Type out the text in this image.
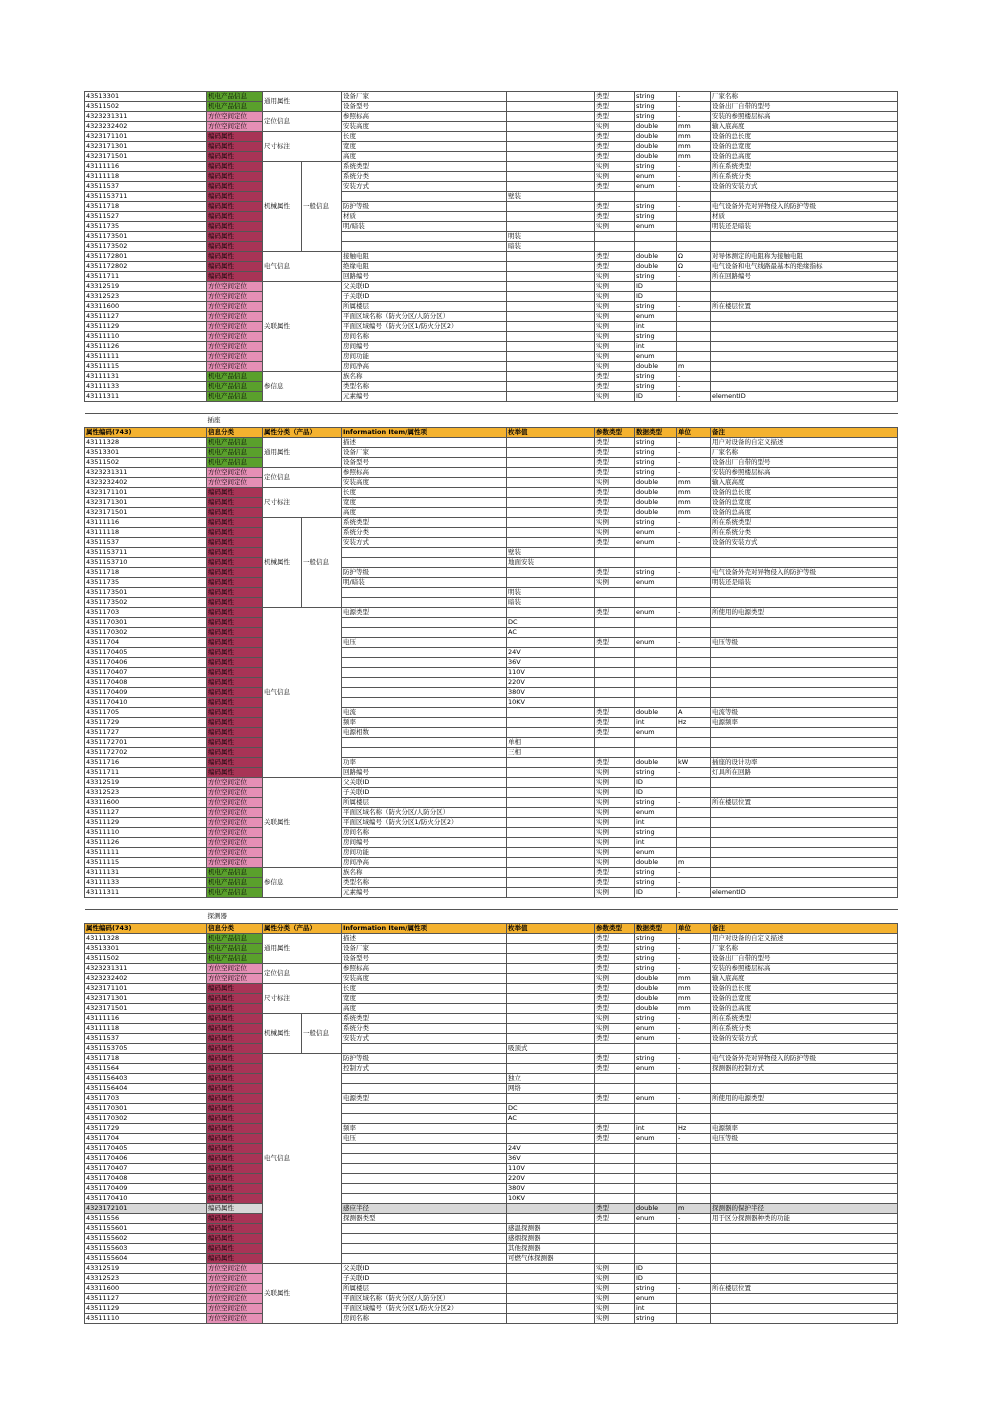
43513301	机电产品信息	通用属性		设备厂家		类型	string	-	厂家名称
43511502	机电产品信息			设备型号		类型	string	-	设备出厂自带的型号
4323231311	方位空间定位	定位信息		参照标高		类型	string	-	安装的参照楼层标高
4323232402	方位空间定位			安装高度		实例	double	mm	输入底高度
4323171101	编码属性	尺寸标注		长度		类型	double	mm	设备的总长度
4323171301	编码属性			宽度		类型	double	mm	设备的总宽度
4323171501	编码属性			高度		类型	double	mm	设备的总高度
43111116	编码属性	机械属性	一般信息	系统类型		实例	string	-	所在系统类型
43111118	编码属性			系统分类		实例	enum	-	所在系统分类
43511537	编码属性			安装方式		类型	enum	-	设备的安装方式
4351153711	编码属性				壁装				
43511718	编码属性			防护等级		类型	string	-	电气设备外壳对异物侵入的防护等级
43511527	编码属性			材质		类型	string		材质
43511735	编码属性			明/暗装		实例	enum		明装还是暗装
4351173501	编码属性				明装				
4351173502	编码属性				暗装				
4351172801	编码属性	电气信息		接触电阻		类型	double	Ω	对导体测定的电阻称为接触电阻
4351172802	编码属性			绝缘电阻		类型	double	Ω	电气设备和电气线路最基本的绝缘指标
43511711	编码属性			回路编号		实例	string	-	所在回路编号
43312519	方位空间定位	关联属性		父关联ID		实例	ID		
43312523	方位空间定位			子关联ID		实例	ID		
43311600	方位空间定位			所属楼层		实例	string	-	所在楼层位置
43511127	方位空间定位			平面区域名称（防火分区/人防分区）		实例	enum		
43511129	方位空间定位			平面区域编号（防火分区1/防火分区2）		实例	int		
43511110	方位空间定位			房间名称		实例	string		
43511126	方位空间定位			房间编号		实例	int		
43511111	方位空间定位			房间功能		实例	enum		
43511115	方位空间定位			房间净高		实例	double	m	
43111131	机电产品信息	参信息		族名称		类型	string	-	
43111133	机电产品信息			类型名称		类型	string	-	
43111311	机电产品信息			元素编号		实例	ID	-	elementID

	插座								
属性编码(743)	信息分类	属性分类（产品）		Information Item/属性项	枚举值	参数类型	数据类型	单位	备注
43111328	机电产品信息	通用属性		描述		类型	string	-	用户对设备的自定义描述
43513301	机电产品信息			设备厂家		类型	string	-	厂家名称
43511502	机电产品信息			设备型号		类型	string	-	设备出厂自带的型号
4323231311	方位空间定位	定位信息		参照标高		类型	string	-	安装的参照楼层标高
4323232402	方位空间定位			安装高度		实例	double	mm	输入底高度
4323171101	编码属性	尺寸标注		长度		类型	double	mm	设备的总长度
4323171301	编码属性			宽度		类型	double	mm	设备的总宽度
4323171501	编码属性			高度		类型	double	mm	设备的总高度
43111116	编码属性	机械属性	一般信息	系统类型		实例	string	-	所在系统类型
43111118	编码属性			系统分类		实例	enum	-	所在系统分类
43511537	编码属性			安装方式		类型	enum	-	设备的安装方式
4351153711	编码属性				壁装				
4351153710	编码属性				地面安装				
43511718	编码属性			防护等级		类型	string	-	电气设备外壳对异物侵入的防护等级
43511735	编码属性			明/暗装		实例	enum		明装还是暗装
4351173501	编码属性				明装				
4351173502	编码属性				暗装				
43511703	编码属性	电气信息		电源类型		类型	enum	-	所使用的电源类型
4351170301	编码属性				DC				
4351170302	编码属性				AC				
43511704	编码属性			电压		类型	enum	-	电压等级
4351170405	编码属性				24V				
4351170406	编码属性				36V				
4351170407	编码属性				110V				
4351170408	编码属性				220V				
4351170409	编码属性				380V				
4351170410	编码属性				10KV				
43511705	编码属性			电流		类型	double	A	电流等级
43511729	编码属性			频率		类型	int	Hz	电源频率
43511727	编码属性			电源相数		类型	enum		
4351172701	编码属性				单相				
4351172702	编码属性				三相				
43511716	编码属性			功率		类型	double	kW	插座的设计功率
43511711	编码属性			回路编号		实例	string	-	灯具所在回路
43312519	方位空间定位	关联属性		父关联ID		实例	ID		
43312523	方位空间定位			子关联ID		实例	ID		
43311600	方位空间定位			所属楼层		实例	string	-	所在楼层位置
43511127	方位空间定位			平面区域名称（防火分区/人防分区）		实例	enum		
43511129	方位空间定位			平面区域编号（防火分区1/防火分区2）		实例	int		
43511110	方位空间定位			房间名称		实例	string		
43511126	方位空间定位			房间编号		实例	int		
43511111	方位空间定位			房间功能		实例	enum		
43511115	方位空间定位			房间净高		实例	double	m	
43111131	机电产品信息	参信息		族名称		类型	string	-	
43111133	机电产品信息			类型名称		类型	string	-	
43111311	机电产品信息			元素编号		实例	ID	-	elementID

	探测器								
属性编码(743)	信息分类	属性分类（产品）		Information Item/属性项	枚举值	参数类型	数据类型	单位	备注
43111328	机电产品信息	通用属性		描述		类型	string	-	用户对设备的自定义描述
43513301	机电产品信息			设备厂家		类型	string	-	厂家名称
43511502	机电产品信息			设备型号		类型	string	-	设备出厂自带的型号
4323231311	方位空间定位	定位信息		参照标高		类型	string	-	安装的参照楼层标高
4323232402	方位空间定位			安装高度		实例	double	mm	输入底高度
4323171101	编码属性	尺寸标注		长度		类型	double	mm	设备的总长度
4323171301	编码属性			宽度		类型	double	mm	设备的总宽度
4323171501	编码属性			高度		类型	double	mm	设备的总高度
43111116	编码属性	机械属性	一般信息	系统类型		实例	string	-	所在系统类型
43111118	编码属性			系统分类		实例	enum	-	所在系统分类
43511537	编码属性			安装方式		类型	enum	-	设备的安装方式
4351153705	编码属性				吸顶式				
43511718	编码属性	电气信息		防护等级		类型	string	-	电气设备外壳对异物侵入的防护等级
43511564	编码属性			控制方式		类型	enum	-	探测器的控制方式
4351156403	编码属性				独立				
4351156404	编码属性				网络				
43511703	编码属性			电源类型		类型	enum	-	所使用的电源类型
4351170301	编码属性				DC				
4351170302	编码属性				AC				
43511729	编码属性			频率		类型	int	Hz	电源频率
43511704	编码属性			电压		类型	enum	-	电压等级
4351170405	编码属性				24V				
4351170406	编码属性				36V				
4351170407	编码属性				110V				
4351170408	编码属性				220V				
4351170409	编码属性				380V				
4351170410	编码属性				10KV				
4323172101	编码属性			感应半径		类型	double	m	探测器的保护半径
43511556	编码属性			探测器类型		类型	enum	-	用于区分探测器种类的功能
4351155601	编码属性				感温探测器				
4351155602	编码属性				感烟探测器				
4351155603	编码属性				其他探测器				
4351155604	编码属性				可燃气体探测器				
43312519	方位空间定位	关联属性		父关联ID		实例	ID		
43312523	方位空间定位			子关联ID		实例	ID		
43311600	方位空间定位			所属楼层		实例	string	-	所在楼层位置
43511127	方位空间定位			平面区域名称（防火分区/人防分区）		实例	enum		
43511129	方位空间定位			平面区域编号（防火分区1/防火分区2）		实例	int		
43511110	方位空间定位			房间名称		实例	string		
